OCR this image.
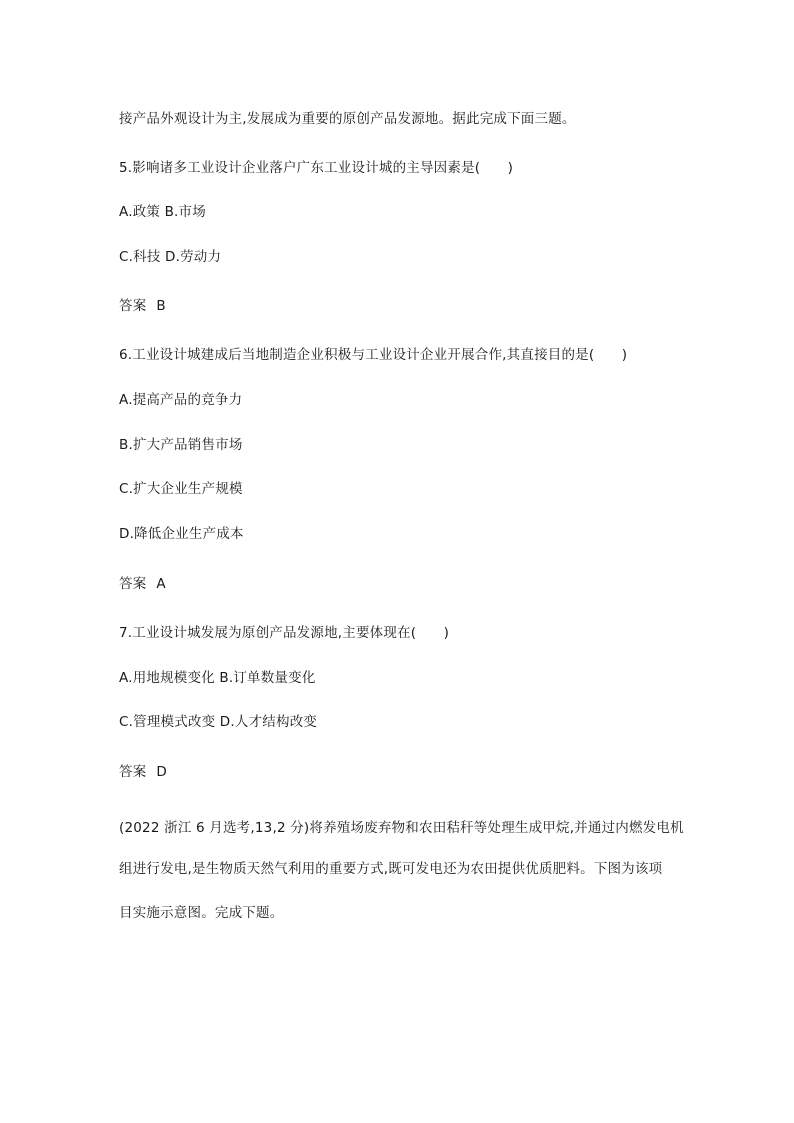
接产品外观设计为主,发展成为重要的原创产品发源地。据此完成下面三题。
5.影响诸多工业设计企业落户广东工业设计城的主导因素是(　　)
A.政策 B.市场
C.科技 D.劳动力
答案 B
6.工业设计城建成后当地制造企业积极与工业设计企业开展合作,其直接目的是(　　)
A.提高产品的竞争力
B.扩大产品销售市场
C.扩大企业生产规模
D.降低企业生产成本
答案 A
7.工业设计城发展为原创产品发源地,主要体现在(　　)
A.用地规模变化 B.订单数量变化
C.管理模式改变 D.人才结构改变
答案 D
(2022 浙江 6 月选考,13,2 分)将养殖场废弃物和农田秸秆等处理生成甲烷,并通过内燃发电机
组进行发电,是生物质天然气利用的重要方式,既可发电还为农田提供优质肥料。下图为该项
目实施示意图。完成下题。
